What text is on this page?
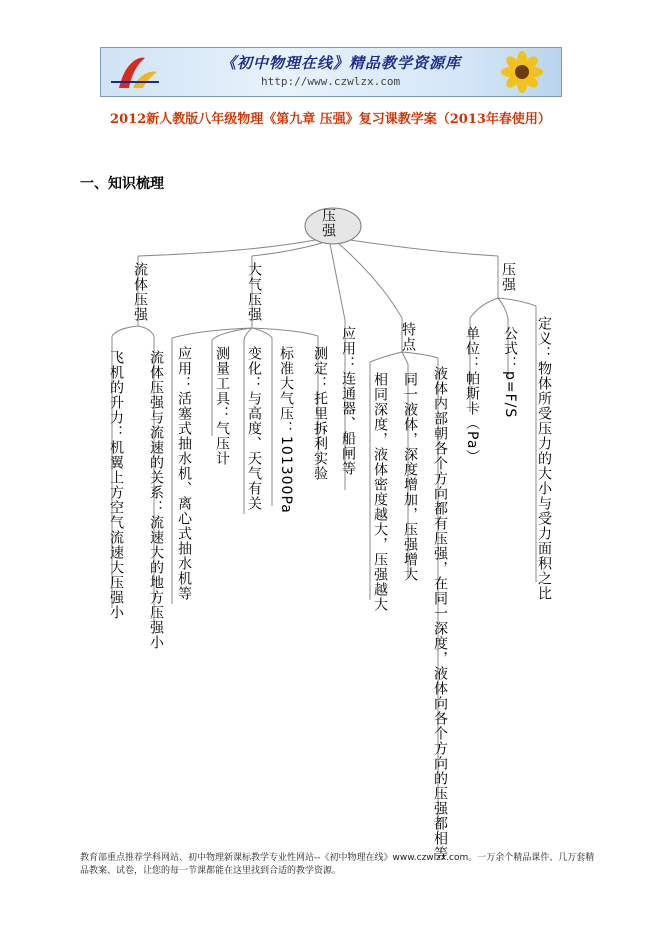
《初中物理在线》精品教学资源库
http://www.czwlzx.com
2012新人教版八年级物理《第九章 压强》复习课教学案（2013年春使用）
一、知识梳理
压强
流体压强
流体压强与流速的关系：流速大的地方压强小
飞机的升力：机翼上方空气流速大压强小
大气压强
测定：托里拆利实验
标准大气压：101300Pa
变化：与高度、天气有关
测量工具：气压计
应用：活塞式抽水机、离心式抽水机等	应用：连通器、船闸等	特点
液体内部朝各个方向都有压强，在同一深度，液体向各个方向的压强都相等
同一液体，深度增加，压强增大
相同深度，液体密度越大，压强越大
压强
定义：物体所受压力的大小与受力面积之比
公式：p=F/S
单位：帕斯卡（Pa）
教育部重点推荐学科网站、初中物理新课标教学专业性网站--《初中物理在线》www.czwlzx.com。一万余个精品课件、几万套精品教案、试卷，让您的每一节课都能在这里找到合适的教学资源。
